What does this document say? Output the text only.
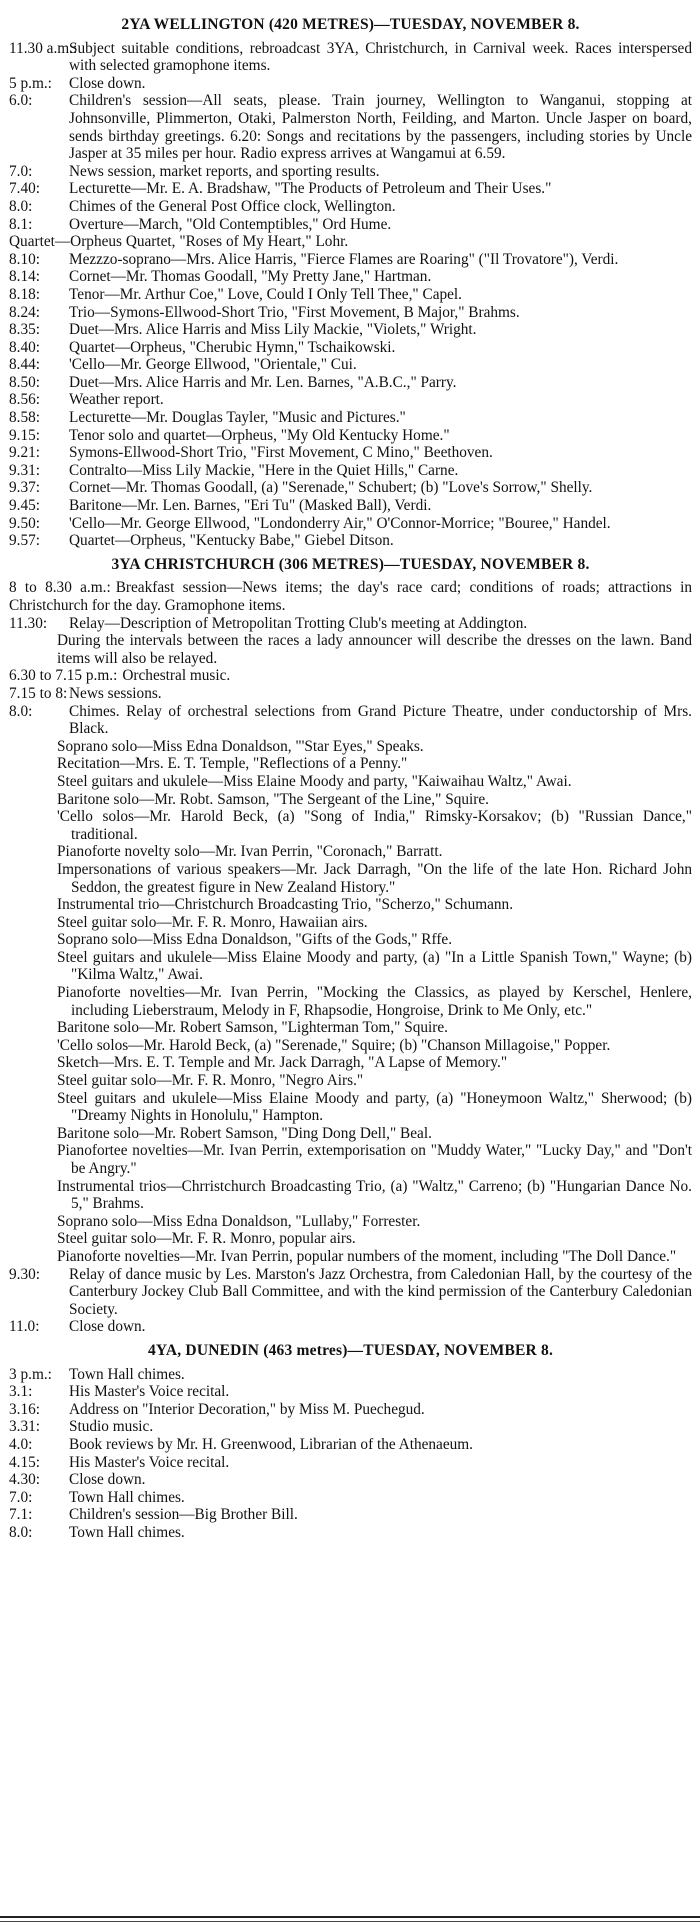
2YA WELLINGTON (420 METRES)—TUESDAY, NOVEMBER 8.

11.30 a.m.:
Subject suitable conditions, rebroadcast 3YA, Christchurch, in Carnival week. Races interspersed with selected gramophone items.

5 p.m.: Close down.

6.0: Children's session—All seats, please. Train journey, Wellington to Wanganui, stopping at Johnsonville, Plimmerton, Otaki, Palmerston North, Feilding, and Marton. Uncle Jasper on board, sends birthday greetings. 6.20: Songs and recitations by the passengers, including stories by Uncle Jasper at 35 miles per hour. Radio express arrives at Wangamui at 6.59.

7.0: News session, market reports, and sporting results.

7.40: Lecturette—Mr. E. A. Bradshaw, "The Products of Petroleum and Their Uses."

8.0: Chimes of the General Post Office clock, Wellington.

8.1: Overture—March, "Old Contemptibles," Ord Hume.

Quartet—Orpheus Quartet, "Roses of My Heart," Lohr.

8.10: Mezzzo-soprano—Mrs. Alice Harris, "Fierce Flames are Roaring" ("Il Trovatore"), Verdi.

8.14: Cornet—Mr. Thomas Goodall, "My Pretty Jane," Hartman.

8.18: Tenor—Mr. Arthur Coe," Love, Could I Only Tell Thee," Capel.

8.24: Trio—Symons-Ellwood-Short Trio, "First Movement, B Major," Brahms.

8.35: Duet—Mrs. Alice Harris and Miss Lily Mackie, "Violets," Wright.

8.40: Quartet—Orpheus, "Cherubic Hymn," Tschaikowski.

8.44: 'Cello—Mr. George Ellwood, "Orientale," Cui.

8.50: Duet—Mrs. Alice Harris and Mr. Len. Barnes, "A.B.C.," Parry.

8.56: Weather report.

8.58: Lecturette—Mr. Douglas Tayler, "Music and Pictures."

9.15: Tenor solo and quartet—Orpheus, "My Old Kentucky Home."

9.21: Symons-Ellwood-Short Trio, "First Movement, C Mino," Beethoven.

9.31: Contralto—Miss Lily Mackie, "Here in the Quiet Hills," Carne.

9.37: Cornet—Mr. Thomas Goodall, (a) "Serenade," Schubert; (b) "Love's Sorrow," Shelly.

9.45: Baritone—Mr. Len. Barnes, "Eri Tu" (Masked Ball), Verdi.

9.50: 'Cello—Mr. George Ellwood, "Londonderry Air," O'Connor-Morrice; "Bouree," Handel.

9.57: Quartet—Orpheus, "Kentucky Babe," Giebel Ditson.

3YA CHRISTCHURCH (306 METRES)—TUESDAY, NOVEMBER 8.

8 to 8.30 a.m.: Breakfast session—News items; the day's race card; conditions of roads; attractions in Christchurch for the day. Gramophone items.

11.30: Relay—Description of Metropolitan Trotting Club's meeting at Addington.

During the intervals between the races a lady announcer will describe the dresses on the lawn. Band items will also be relayed.

6.30 to 7.15 p.m.: Orchestral music.

7.15 to 8: News sessions.

8.0: Chimes. Relay of orchestral selections from Grand Picture Theatre, under conductorship of Mrs. Black.

Soprano solo—Miss Edna Donaldson, "'Star Eyes," Speaks.
Recitation—Mrs. E. T. Temple, "Reflections of a Penny."
Steel guitars and ukulele—Miss Elaine Moody and party, "Kaiwaihau Waltz," Awai.
Baritone solo—Mr. Robt. Samson, "The Sergeant of the Line," Squire.
'Cello solos—Mr. Harold Beck, (a) "Song of India," Rimsky-Korsakov; (b) "Russian Dance," traditional.
Pianoforte novelty solo—Mr. Ivan Perrin, "Coronach," Barratt.
Impersonations of various speakers—Mr. Jack Darragh, "On the life of the late Hon. Richard John Seddon, the greatest figure in New Zealand History."
Instrumental trio—Christchurch Broadcasting Trio, "Scherzo," Schumann.
Steel guitar solo—Mr. F. R. Monro, Hawaiian airs.
Soprano solo—Miss Edna Donaldson, "Gifts of the Gods," Rffe.
Steel guitars and ukulele—Miss Elaine Moody and party, (a) "In a Little Spanish Town," Wayne; (b) "Kilma Waltz," Awai.
Pianoforte novelties—Mr. Ivan Perrin, "Mocking the Classics, as played by Kerschel, Henlere, including Lieberstraum, Melody in F, Rhapsodie, Hongroise, Drink to Me Only, etc."
Baritone solo—Mr. Robert Samson, "Lighterman Tom," Squire.
'Cello solos—Mr. Harold Beck, (a) "Serenade," Squire; (b) "Chanson Millagoise," Popper.
Sketch—Mrs. E. T. Temple and Mr. Jack Darragh, "A Lapse of Memory."
Steel guitar solo—Mr. F. R. Monro, "Negro Airs."
Steel guitars and ukulele—Miss Elaine Moody and party, (a) "Honeymoon Waltz," Sherwood; (b) "Dreamy Nights in Honolulu," Hampton.
Baritone solo—Mr. Robert Samson, "Ding Dong Dell," Beal.
Pianofortee novelties—Mr. Ivan Perrin, extemporisation on "Muddy Water," "Lucky Day," and "Don't be Angry."
Instrumental trios—Chrristchurch Broadcasting Trio, (a) "Waltz," Carreno; (b) "Hungarian Dance No. 5," Brahms.
Soprano solo—Miss Edna Donaldson, "Lullaby," Forrester.
Steel guitar solo—Mr. F. R. Monro, popular airs.
Pianoforte novelties—Mr. Ivan Perrin, popular numbers of the moment, including "The Doll Dance."

9.30: Relay of dance music by Les. Marston's Jazz Orchestra, from Caledonian Hall, by the courtesy of the Canterbury Jockey Club Ball Committee, and with the kind permission of the Canterbury Caledonian Society.

11.0: Close down.

4YA, DUNEDIN (463 metres)—TUESDAY, NOVEMBER 8.

3 p.m.: Town Hall chimes.

3.1: His Master's Voice recital.

3.16: Address on "Interior Decoration," by Miss M. Puechegud.

3.31: Studio music.

4.0: Book reviews by Mr. H. Greenwood, Librarian of the Athenaeum.

4.15: His Master's Voice recital.

4.30: Close down.

7.0: Town Hall chimes.

7.1: Children's session—Big Brother Bill.

8.0: Town Hall chimes.
